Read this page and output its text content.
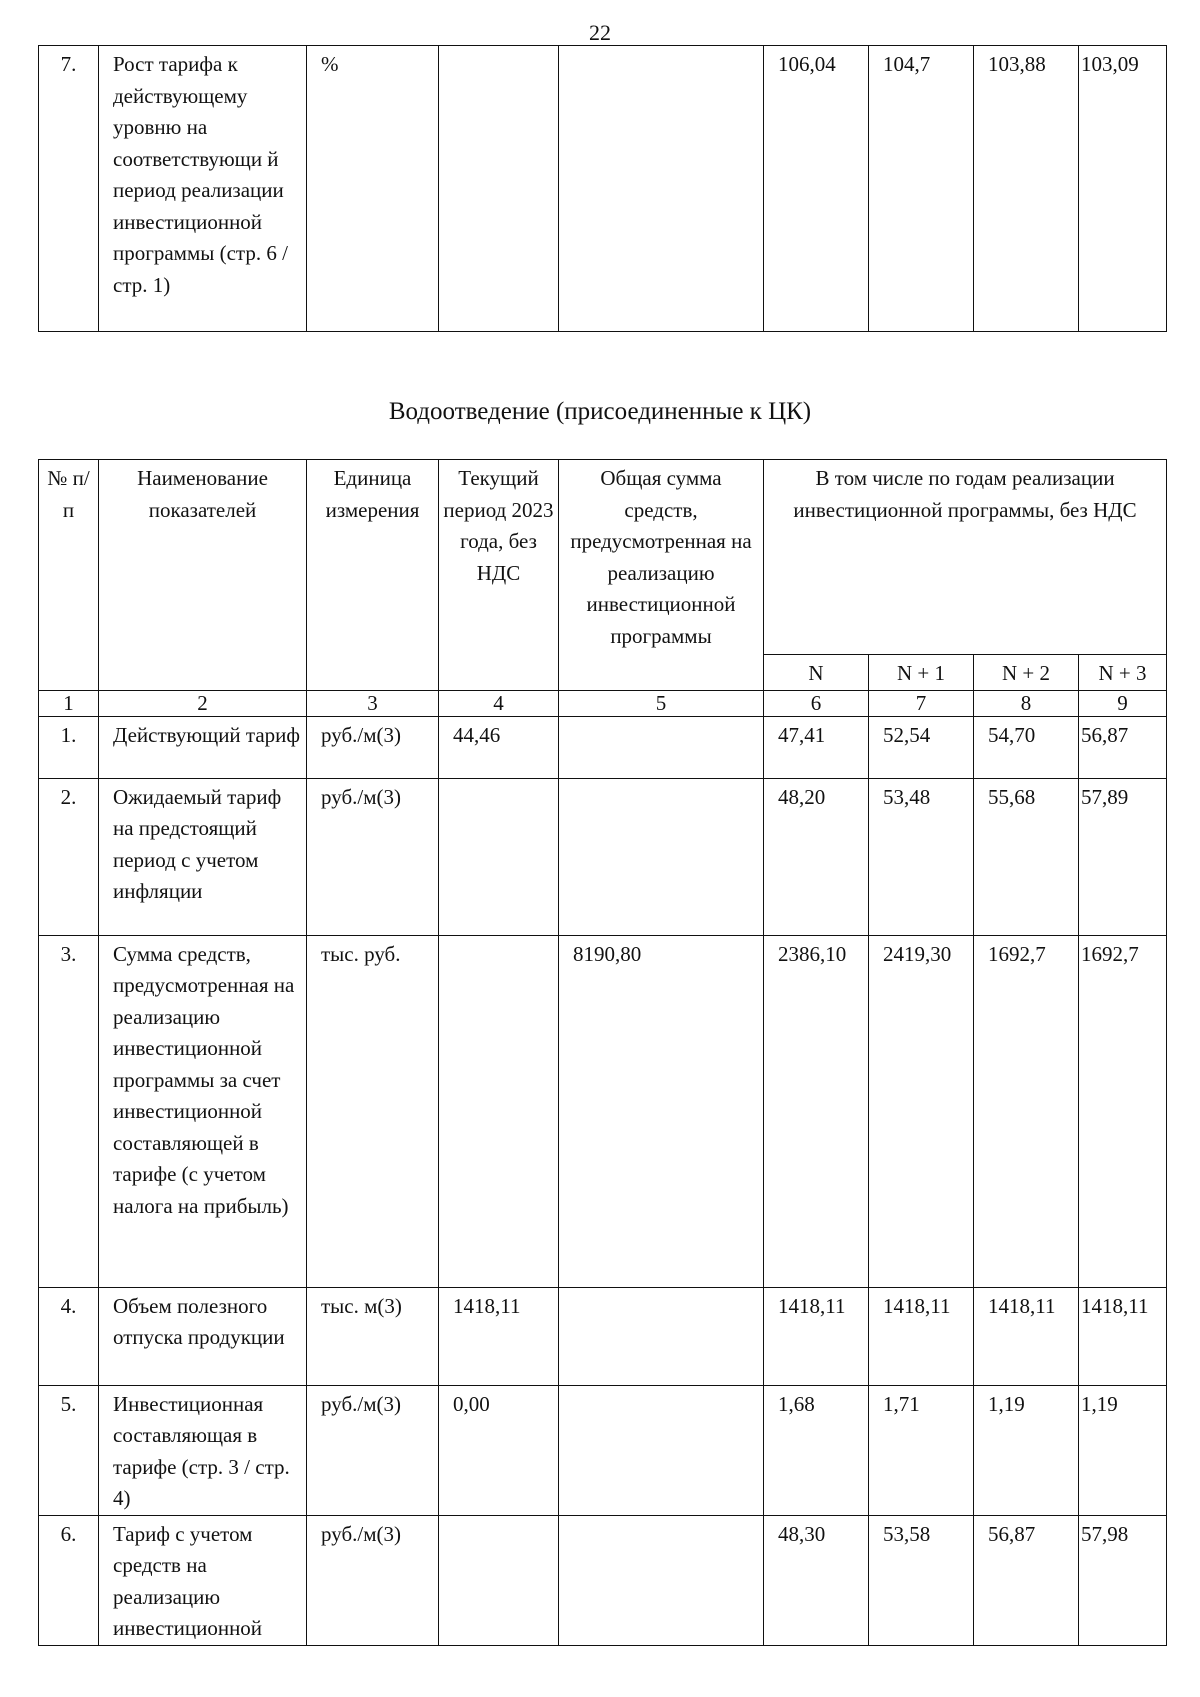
22
7.	Рост тарифа к действующему уровню на соответствующи й период реализации инвестиционной программы (стр. 6 / стр. 1)	%			106,04	104,7	103,88	103,09
Водоотведение (присоединенные к ЦК)
№ п/п	Наименование показателей	Единица измерения	Текущий период 2023 года, без НДС	Общая сумма средств, предусмотренная на реализацию инвестиционной программы	В том числе по годам реализации инвестиционной программы, без НДС			
					N	N + 1	N + 2	N + 3
1	2	3	4	5	6	7	8	9
1.	Действующий тариф	руб./м(3)	44,46		47,41	52,54	54,70	56,87
2.	Ожидаемый тариф на предстоящий период с учетом инфляции	руб./м(3)			48,20	53,48	55,68	57,89
3.	Сумма средств, предусмотренная на реализацию инвестиционной программы за счет инвестиционной составляющей в тарифе (с учетом налога на прибыль)	тыс. руб.		8190,80	2386,10	2419,30	1692,7	1692,7
4.	Объем полезного отпуска продукции	тыс. м(3)	1418,11		1418,11	1418,11	1418,11	1418,11
5.	Инвестиционная составляющая в тарифе (стр. 3 / стр. 4)	руб./м(3)	0,00		1,68	1,71	1,19	1,19
6.	Тариф с учетом средств на реализацию инвестиционной	руб./м(3)			48,30	53,58	56,87	57,98
